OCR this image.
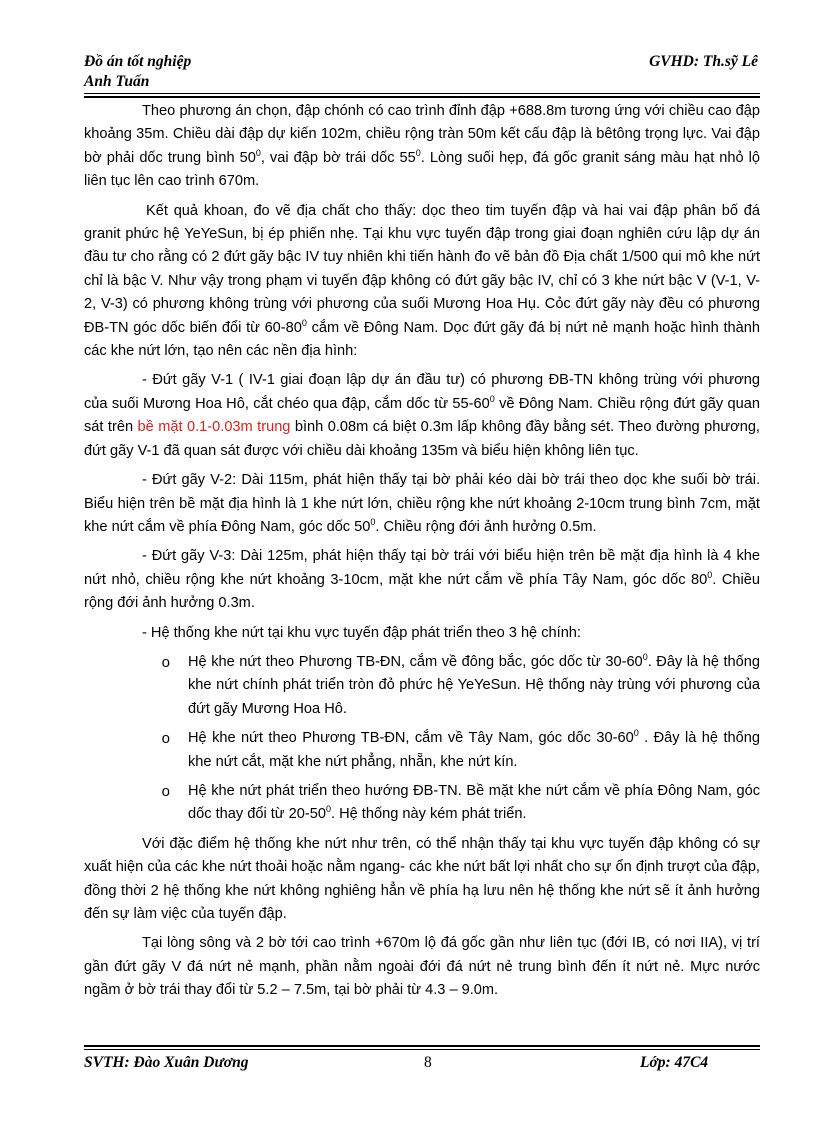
Đồ án tốt nghiệp
Anh Tuấn
GVHD: Th.sỹ Lê

Theo phương án chọn, đập chónh có cao trình đỉnh đập +688.8m tương ứng với chiều cao đập khoảng 35m. Chiều dài đập dự kiến 102m, chiều rộng tràn 50m kết cấu đập là bêtông trọng lực. Vai đập bờ phải dốc trung bình $50^0$, vai đập bờ trái dốc $55^0$. Lòng suối hẹp, đá gốc granit sáng màu hạt nhỏ lộ liên tục lên cao trình 670m.

Kết quả khoan, đo vẽ địa chất cho thấy: dọc theo tim tuyến đập và hai vai đập phân bố đá granit phức hệ YeYeSun, bị ép phiến nhẹ. Tại khu vực tuyến đập trong giai đoạn nghiên cứu lập dự án đầu tư cho rằng có 2 đứt gãy bậc IV tuy nhiên khi tiến hành đo vẽ bản đồ Địa chất 1/500 qui mô khe nứt chỉ là bậc V. Như vậy trong phạm vi tuyến đập không có đứt gãy bậc IV, chỉ có 3 khe nứt bậc V (V-1, V-2, V-3) có phương không trùng với phương của suối Mương Hoa Hụ. Cỏc đứt gãy này đều có phương ĐB-TN góc dốc biến đổi từ $60-80^0$ cắm về Đông Nam. Dọc đứt gãy đá bị nứt nẻ mạnh hoặc hình thành các khe nứt lớn, tạo nên các nền địa hình:

- Đứt gãy V-1 ( IV-1 giai đoạn lập dự án đầu tư) có phương ĐB-TN không trùng với phương của suối Mương Hoa Hô, cắt chéo qua đập, cắm dốc từ $55-60^0$ về Đông Nam. Chiều rộng đứt gãy quan sát trên bề mặt 0.1-0.03m trung bình 0.08m cá biệt 0.3m lấp không đầy bằng sét. Theo đường phương, đứt gãy V-1 đã quan sát được với chiều dài khoảng 135m và biểu hiện không liên tục.

- Đứt gãy V-2: Dài 115m, phát hiện thấy tại bờ phải kéo dài bờ trái theo dọc khe suối bờ trái. Biểu hiện trên bề mặt địa hình là 1 khe nứt lớn, chiều rộng khe nứt khoảng 2-10cm trung bình 7cm, mặt khe nứt cắm về phía Đông Nam, góc dốc $50^0$. Chiều rộng đới ảnh hưởng 0.5m.

- Đứt gãy V-3: Dài 125m, phát hiện thấy tại bờ trái với biểu hiện trên bề mặt địa hình là 4 khe nứt nhỏ, chiều rộng khe nứt khoảng 3-10cm, mặt khe nứt cắm về phía Tây Nam, góc dốc $80^0$. Chiều rộng đới ảnh hưởng 0.3m.

- Hệ thống khe nứt tại khu vực tuyến đập phát triển theo 3 hệ chính:

o	Hệ khe nứt theo Phương TB-ĐN, cắm về đông bắc, góc dốc từ $30-60^0$. Đây là hệ thống khe nứt chính phát triển tròn đỏ phức hệ YeYeSun. Hệ thống này trùng với phương của đứt gãy Mương Hoa Hô.
o	Hệ khe nứt theo Phương TB-ĐN, cắm về Tây Nam, góc dốc $30-60^0$ . Đây là hệ thống khe nứt cắt, mặt khe nứt phẳng, nhẵn, khe nứt kín.
o	Hệ khe nứt phát triển theo hướng ĐB-TN. Bề mặt khe nứt cắm về phía Đông Nam, góc dốc thay đổi từ $20-50^0$. Hệ thống này kém phát triển.

Với đặc điểm hệ thống khe nứt như trên, có thể nhận thấy tại khu vực tuyến đập không có sự xuất hiện của các khe nứt thoải hoặc nằm ngang- các khe nứt bất lợi nhất cho sự ổn định trượt của đập, đồng thời 2 hệ thống khe nứt không nghiêng hẳn về phía hạ lưu nên hệ thống khe nứt sẽ ít ảnh hưởng đến sự làm việc của tuyến đập.

Tại lòng sông và 2 bờ tới cao trình +670m lộ đá gốc gần như liên tục (đới IB, có nơi IIA), vị trí gần đứt gãy V đá nứt nẻ mạnh, phần nằm ngoài đới đá nứt nẻ trung bình đến ít nứt nẻ. Mực nước ngầm ở bờ trái thay đổi từ 5.2 – 7.5m, tại bờ phải từ 4.3 – 9.0m.

SVTH: Đào Xuân Dương	8	Lớp: 47C4
